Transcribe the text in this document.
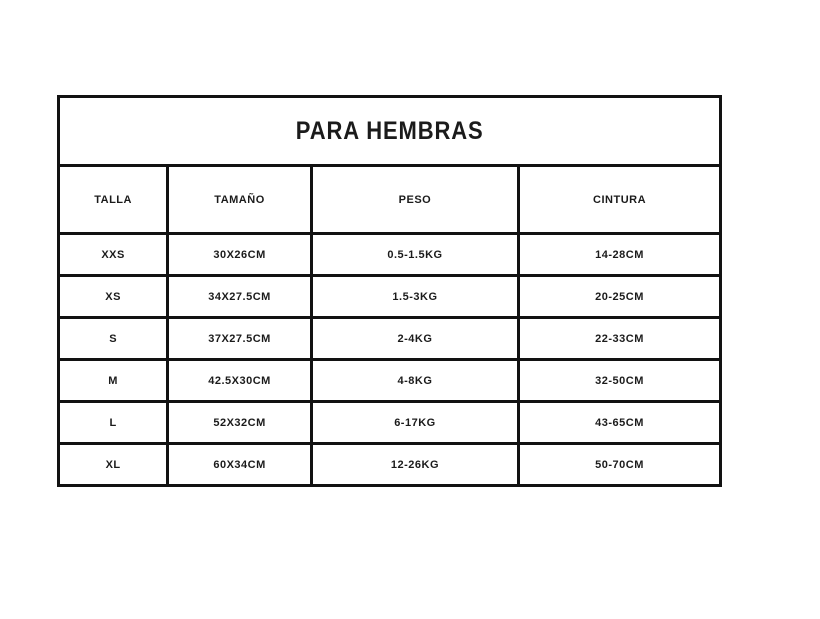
PARA HEMBRAS			
TALLA	TAMAÑO	PESO	CINTURA
XXS	30X26CM	0.5-1.5KG	14-28CM
XS	34X27.5CM	1.5-3KG	20-25CM
S	37X27.5CM	2-4KG	22-33CM
M	42.5X30CM	4-8KG	32-50CM
L	52X32CM	6-17KG	43-65CM
XL	60X34CM	12-26KG	50-70CM
